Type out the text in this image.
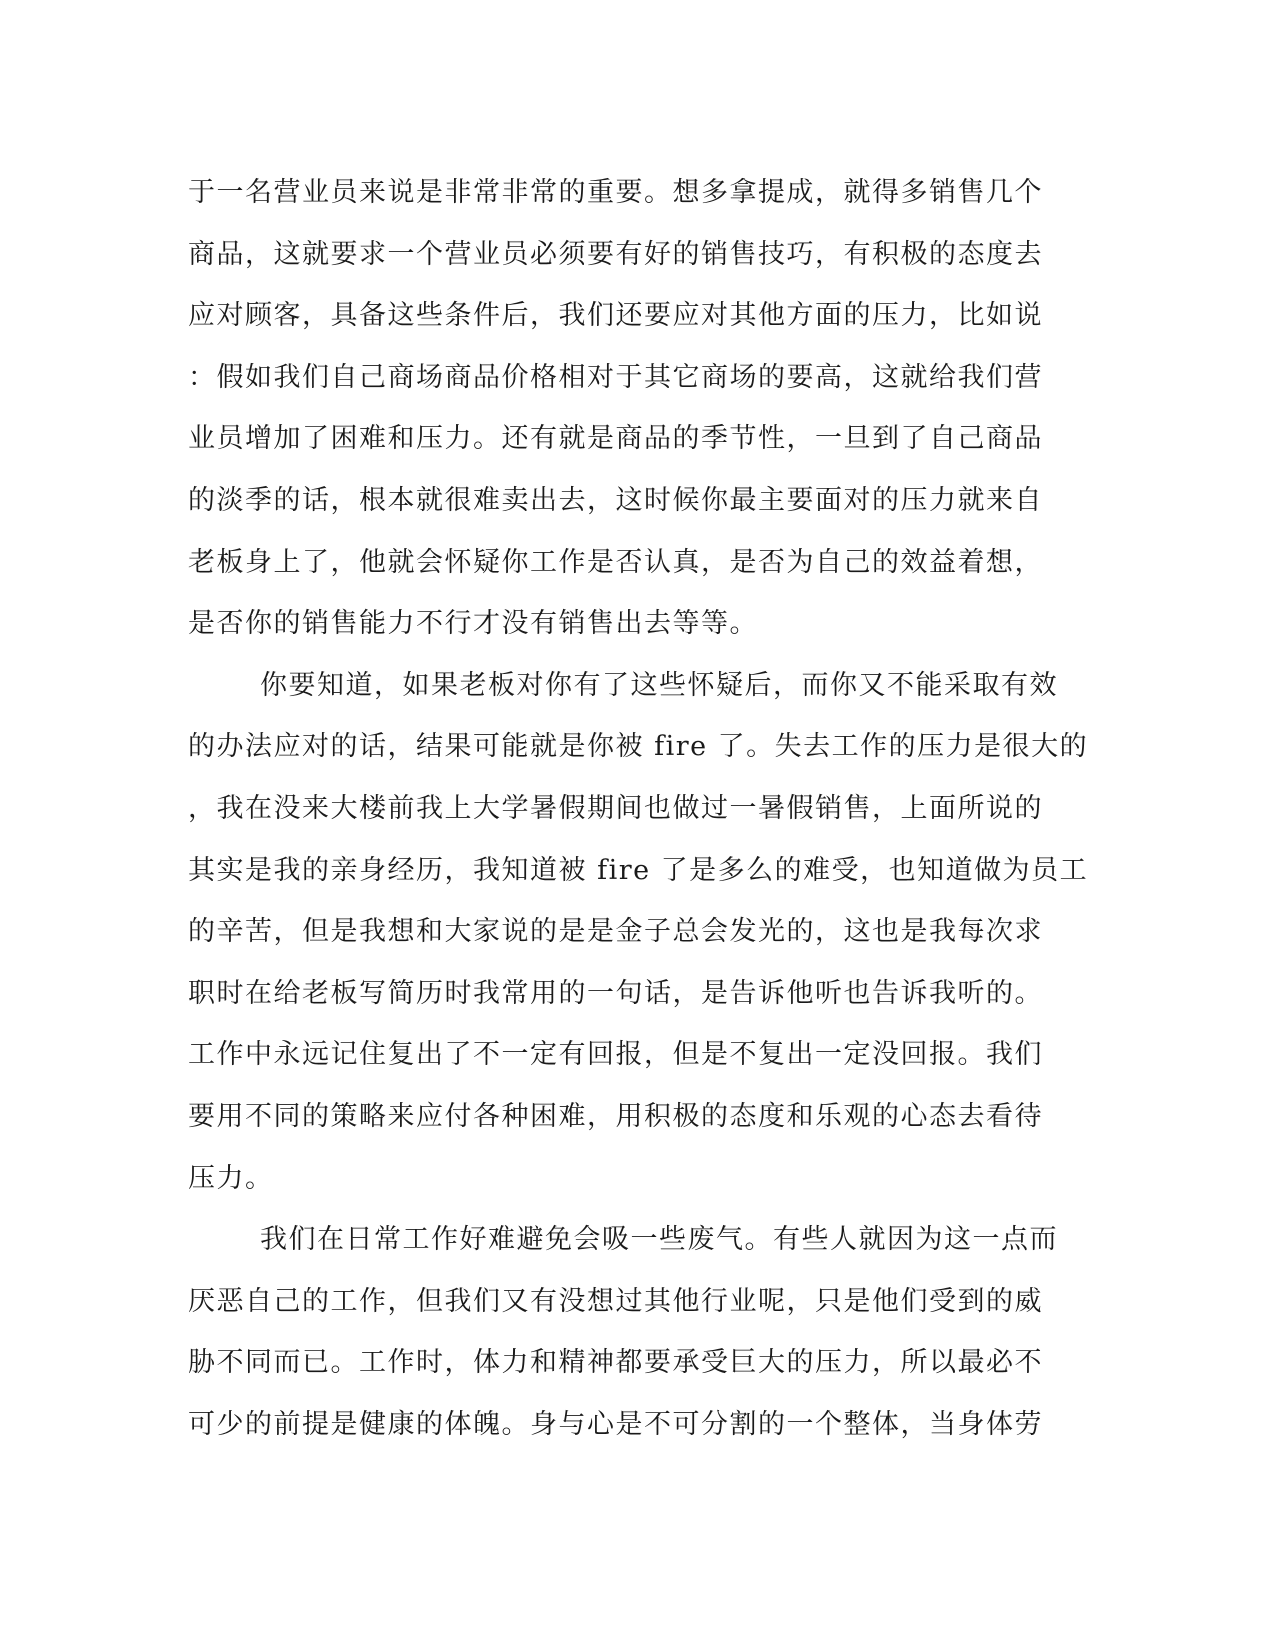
于一名营业员来说是非常非常的重要。想多拿提成，就得多销售几个

商品，这就要求一个营业员必须要有好的销售技巧，有积极的态度去

应对顾客，具备这些条件后，我们还要应对其他方面的压力，比如说

：假如我们自己商场商品价格相对于其它商场的要高，这就给我们营

业员增加了困难和压力。还有就是商品的季节性，一旦到了自己商品

的淡季的话，根本就很难卖出去，这时候你最主要面对的压力就来自

老板身上了，他就会怀疑你工作是否认真，是否为自己的效益着想，

是否你的销售能力不行才没有销售出去等等。

你要知道，如果老板对你有了这些怀疑后，而你又不能采取有效

的办法应对的话，结果可能就是你被 fire 了。失去工作的压力是很大的

，我在没来大楼前我上大学暑假期间也做过一暑假销售，上面所说的

其实是我的亲身经历，我知道被 fire 了是多么的难受，也知道做为员工

的辛苦，但是我想和大家说的是是金子总会发光的，这也是我每次求

职时在给老板写简历时我常用的一句话，是告诉他听也告诉我听的。

工作中永远记住复出了不一定有回报，但是不复出一定没回报。我们

要用不同的策略来应付各种困难，用积极的态度和乐观的心态去看待

压力。

我们在日常工作好难避免会吸一些废气。有些人就因为这一点而

厌恶自己的工作，但我们又有没想过其他行业呢，只是他们受到的威

胁不同而已。工作时，体力和精神都要承受巨大的压力，所以最必不

可少的前提是健康的体魄。身与心是不可分割的一个整体，当身体劳
